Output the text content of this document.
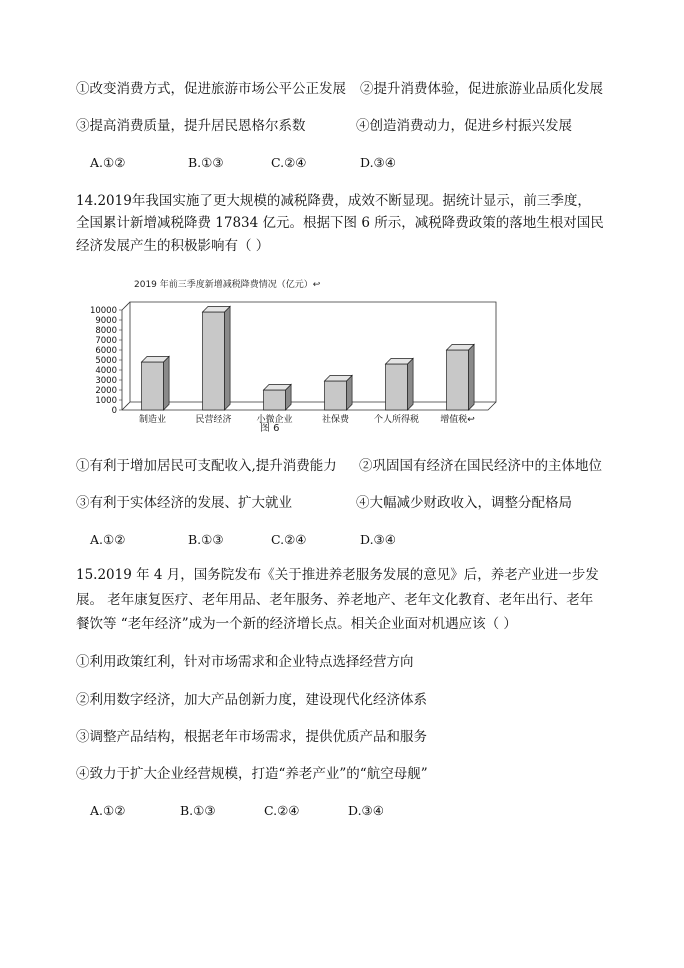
①改变消费方式，促进旅游市场公平公正发展 ②提升消费体验，促进旅游业品质化发展
③提高消费质量，提升居民恩格尔系数	④创造消费动力，促进乡村振兴发展
A.①②	B.①③	C.②④	D.③④
14.2019年我国实施了更大规模的减税降费，成效不断显现。据统计显示，前三季度，
全国累计新增减税降费 17834 亿元。根据下图 6 所示，减税降费政策的落地生根对国民
经济发展产生的积极影响有（ ）
2019 年前三季度新增减税降费情况（亿元）↩
0
1000
2000
3000
4000
5000
6000
7000
8000
9000
10000
制造业	民营经济	小微企业	社保费	个人所得税 增值税↩
图 6
①有利于增加居民可支配收入,提升消费能力 ②巩固国有经济在国民经济中的主体地位
③有利于实体经济的发展、扩大就业	④大幅减少财政收入，调整分配格局
A.①②	B.①③	C.②④	D.③④
15.2019 年 4 月，国务院发布《关于推进养老服务发展的意见》后，养老产业进一步发
展。 老年康复医疗、老年用品、老年服务、养老地产、老年文化教育、老年出行、老年
餐饮等 “老年经济”成为一个新的经济增长点。相关企业面对机遇应该（ ）
①利用政策红利，针对市场需求和企业特点选择经营方向
②利用数字经济，加大产品创新力度，建设现代化经济体系
③调整产品结构，根据老年市场需求，提供优质产品和服务
④致力于扩大企业经营规模，打造“养老产业”的“航空母舰”
A.①②	B.①③	C.②④	D.③④
